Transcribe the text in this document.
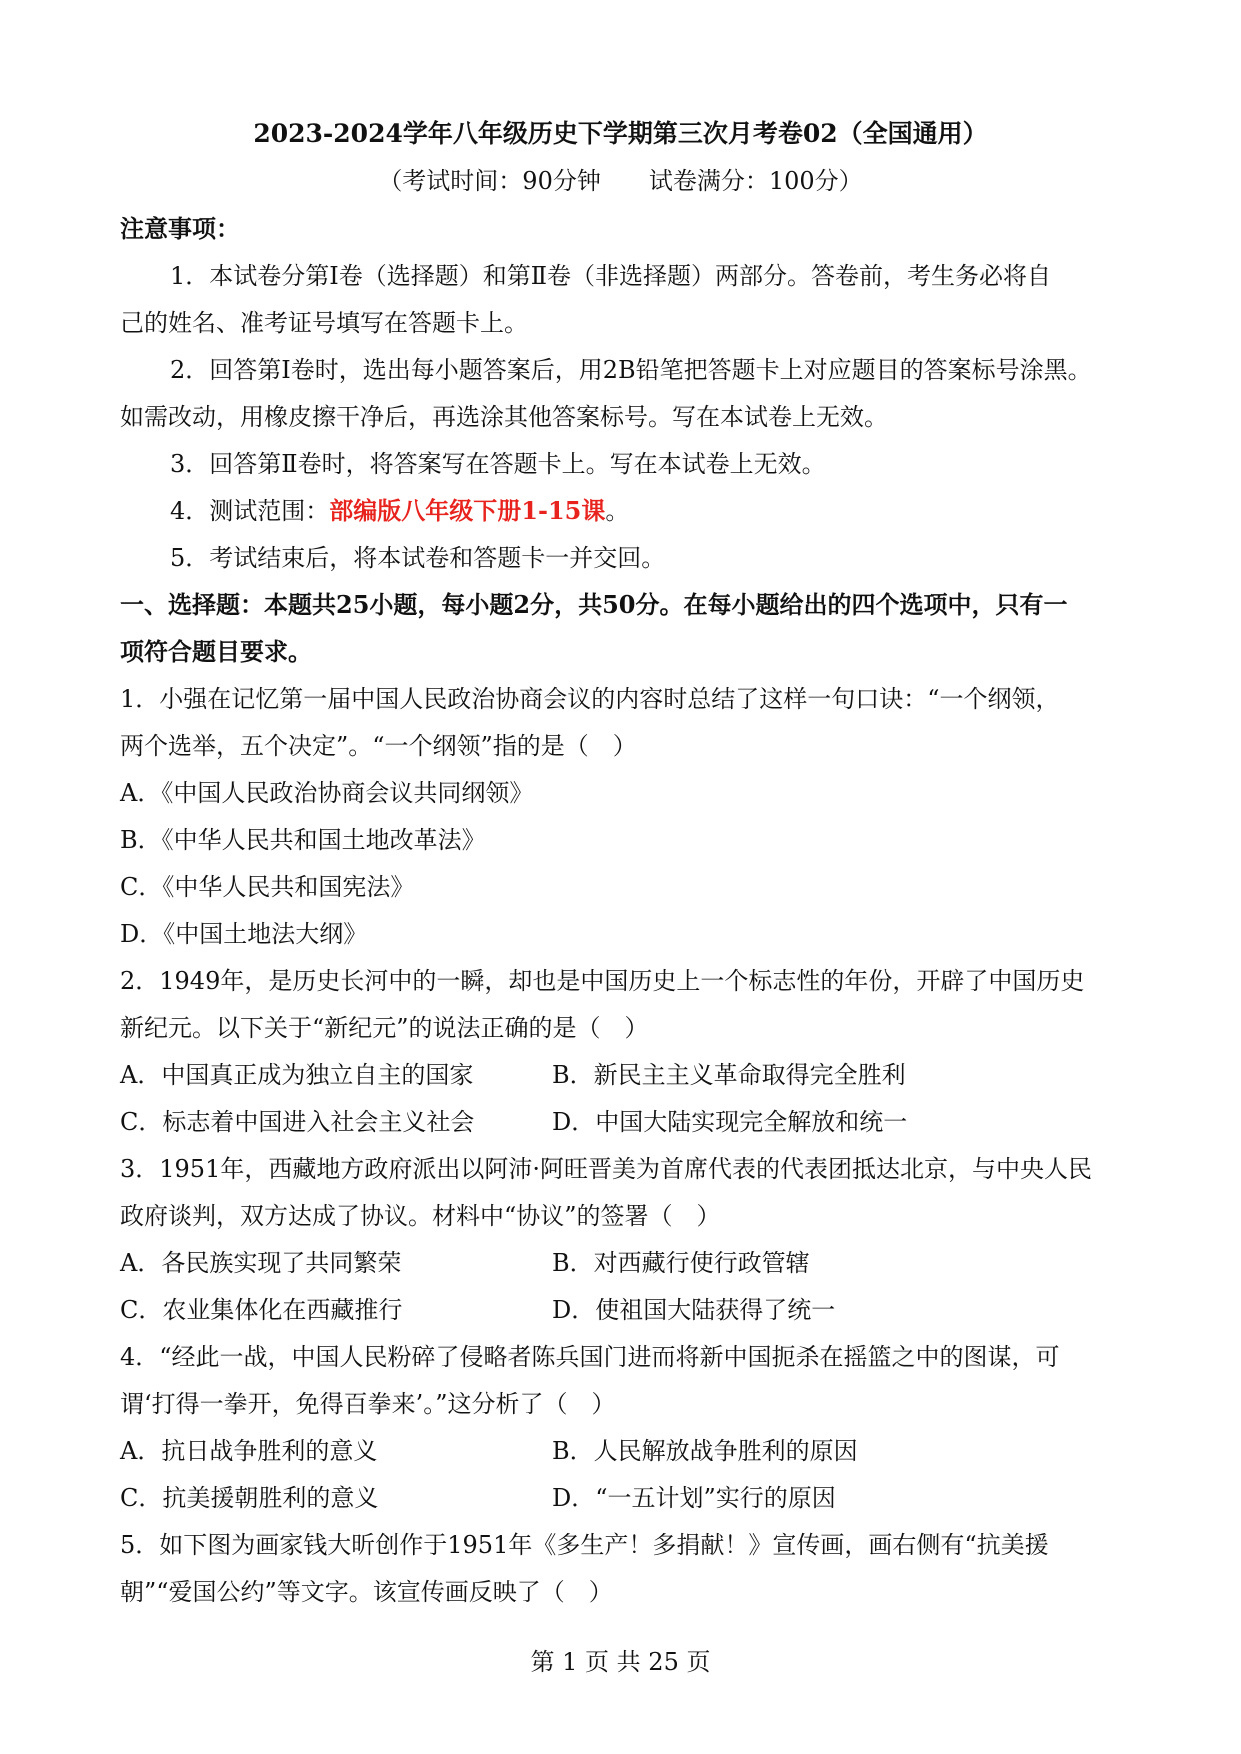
2023-2024学年八年级历史下学期第三次月考卷02（全国通用）
（考试时间：90分钟　　试卷满分：100分）
注意事项：
1．本试卷分第Ⅰ卷（选择题）和第Ⅱ卷（非选择题）两部分。答卷前，考生务必将自
己的姓名、准考证号填写在答题卡上。
2．回答第Ⅰ卷时，选出每小题答案后，用2B铅笔把答题卡上对应题目的答案标号涂黑。
如需改动，用橡皮擦干净后，再选涂其他答案标号。写在本试卷上无效。
3．回答第Ⅱ卷时，将答案写在答题卡上。写在本试卷上无效。
4．测试范围：部编版八年级下册1-15课。
5．考试结束后，将本试卷和答题卡一并交回。
一、选择题：本题共25小题，每小题2分，共50分。在每小题给出的四个选项中，只有一
项符合题目要求。
1．小强在记忆第一届中国人民政治协商会议的内容时总结了这样一句口诀：“一个纲领，
两个选举，五个决定”。“一个纲领”指的是（　）
A．《中国人民政治协商会议共同纲领》
B．《中华人民共和国土地改革法》
C．《中华人民共和国宪法》
D．《中国土地法大纲》
2．1949年，是历史长河中的一瞬，却也是中国历史上一个标志性的年份，开辟了中国历史
新纪元。以下关于“新纪元”的说法正确的是（　）
A．中国真正成为独立自主的国家	B．新民主主义革命取得完全胜利
C．标志着中国进入社会主义社会	D．中国大陆实现完全解放和统一
3．1951年，西藏地方政府派出以阿沛·阿旺晋美为首席代表的代表团抵达北京，与中央人民
政府谈判，双方达成了协议。材料中“协议”的签署（　）
A．各民族实现了共同繁荣	B．对西藏行使行政管辖
C．农业集体化在西藏推行	D．使祖国大陆获得了统一
4．“经此一战，中国人民粉碎了侵略者陈兵国门进而将新中国扼杀在摇篮之中的图谋，可
谓‘打得一拳开，免得百拳来’。”这分析了（　）
A．抗日战争胜利的意义	B．人民解放战争胜利的原因
C．抗美援朝胜利的意义	D．“一五计划”实行的原因
5．如下图为画家钱大昕创作于1951年《多生产！多捐献！》宣传画，画右侧有“抗美援
朝”“爱国公约”等文字。该宣传画反映了（　）
第 1 页 共 25 页
